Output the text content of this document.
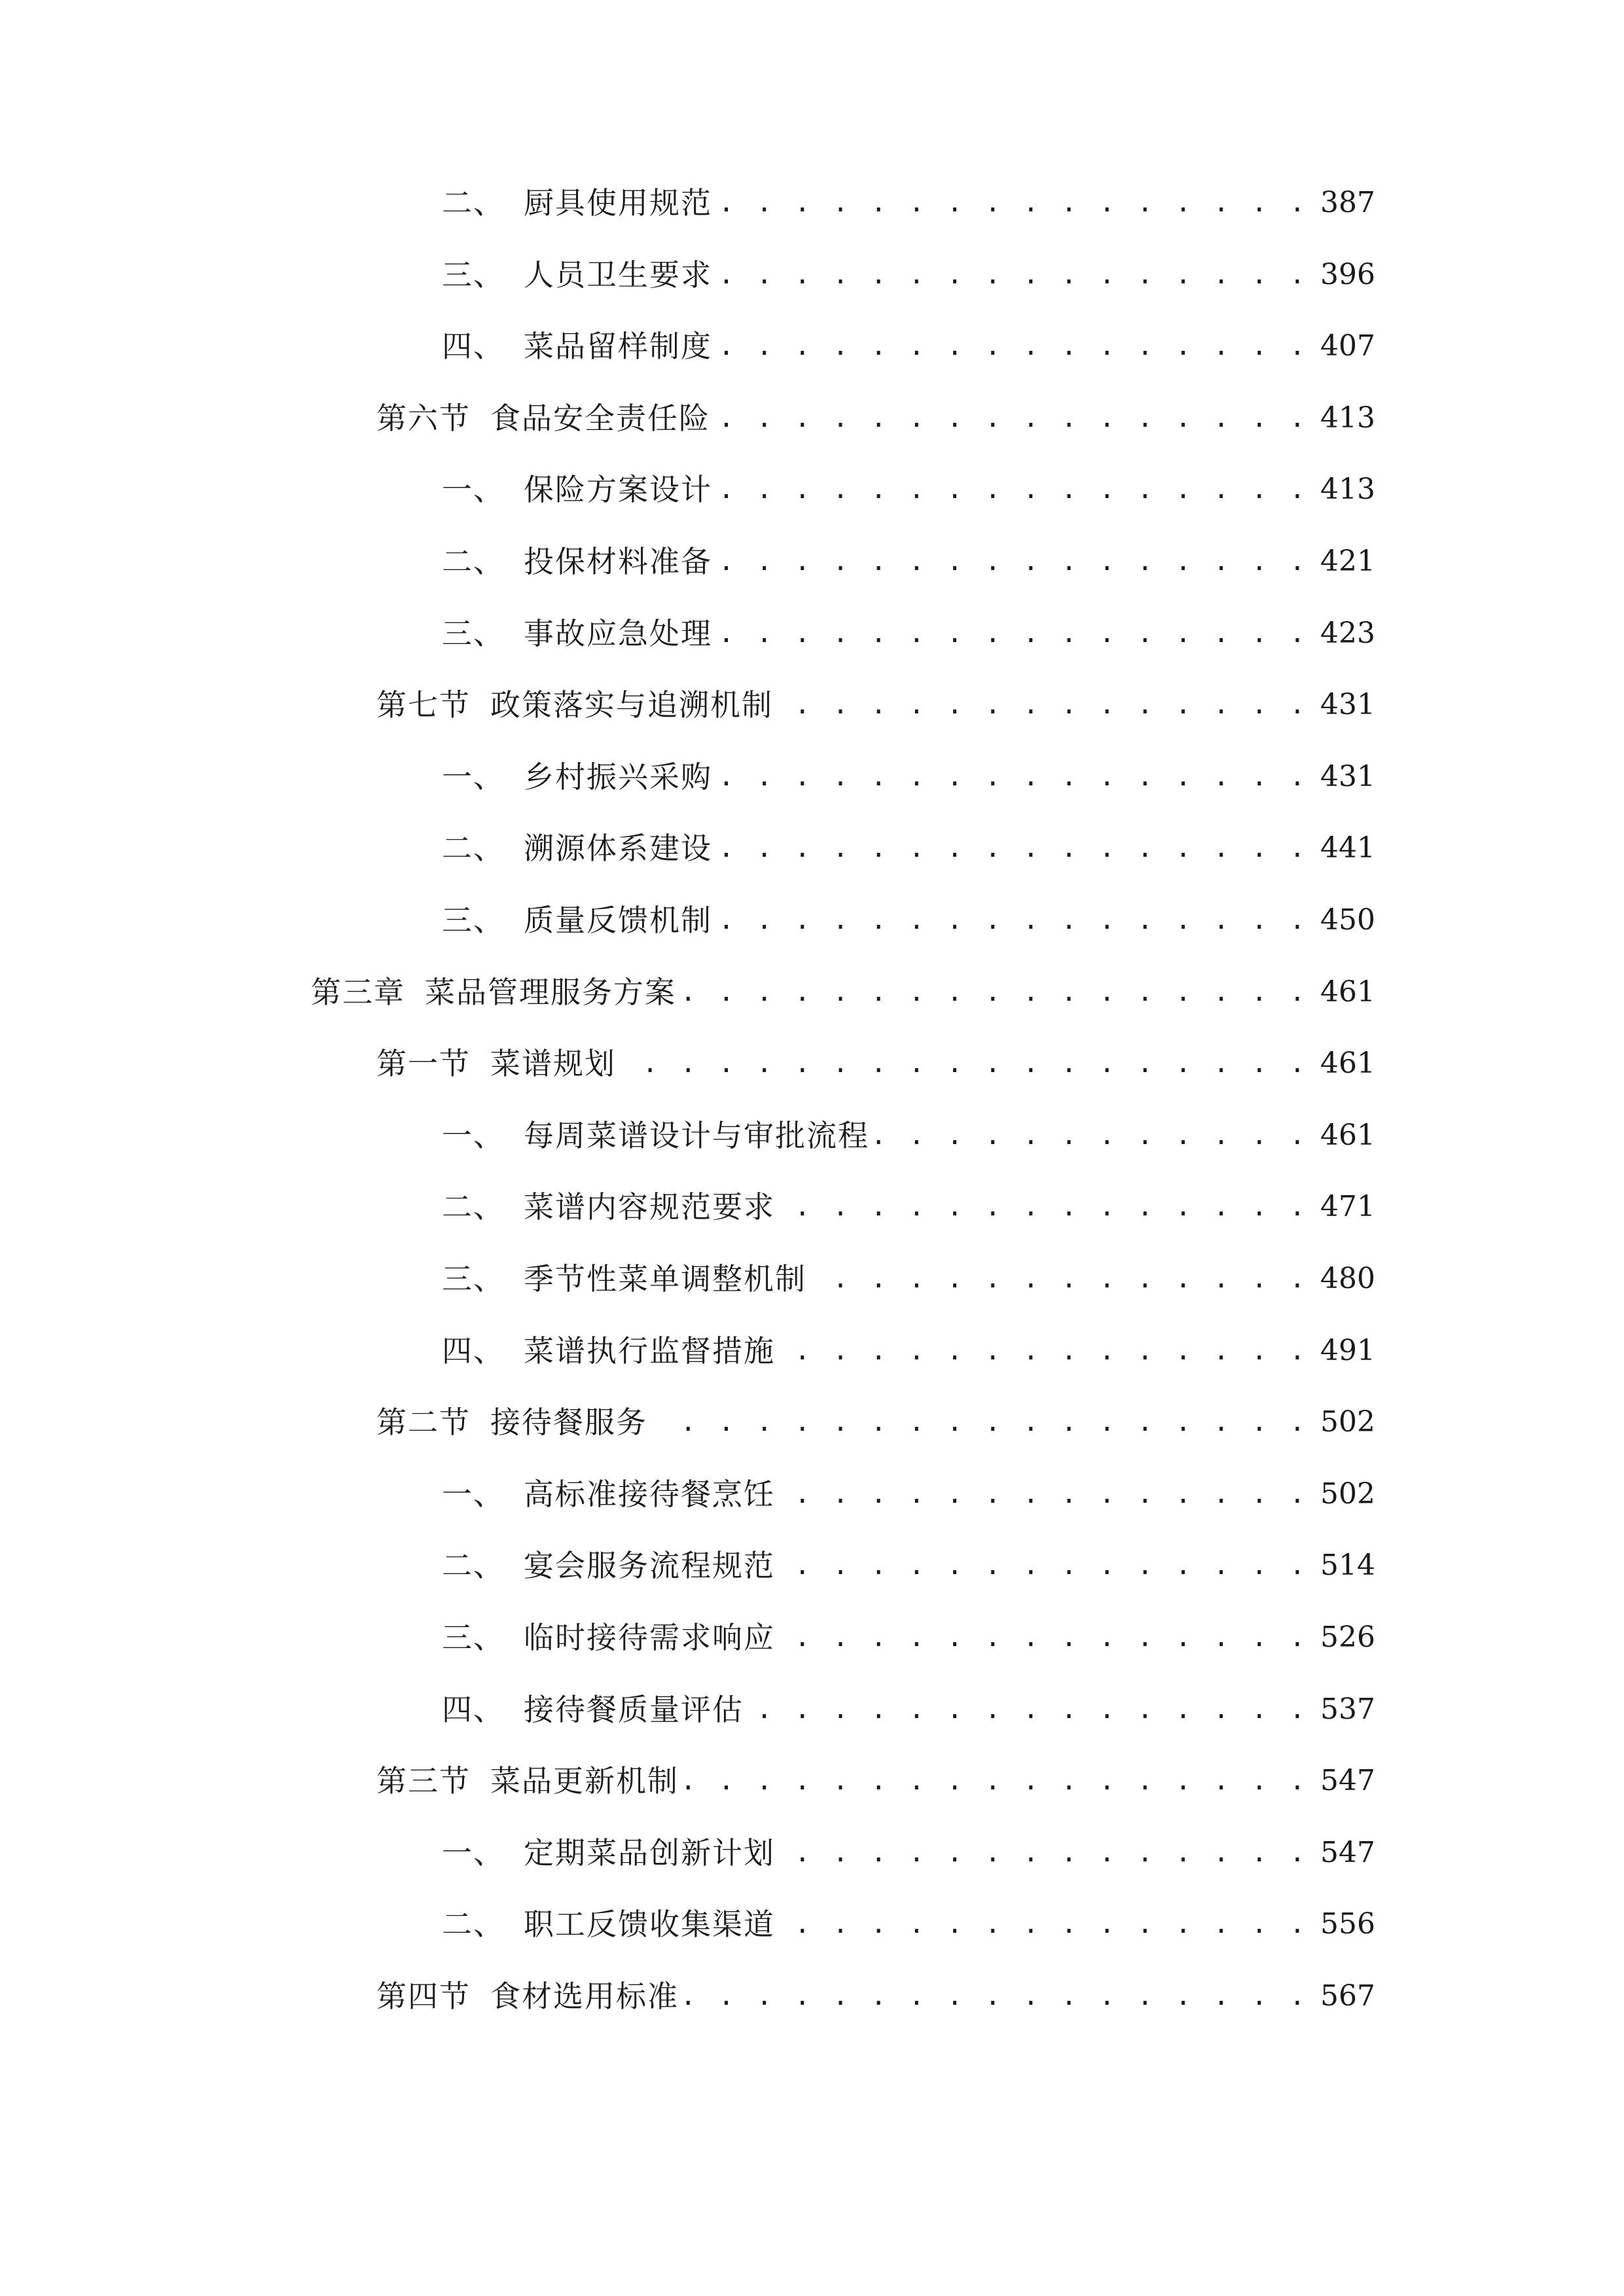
二、 厨具使用规范 . . .	387
三、 人员卫生要求 . . .	396
四、 菜品留样制度 . . .	407
第六节 食品安全责任险 . . .	413
一、 保险方案设计 . . .	413
二、 投保材料准备 . . .	421
三、 事故应急处理 . . .	423
第七节 政策落实与追溯机制 . . .	431
一、 乡村振兴采购 . . .	431
二、 溯源体系建设 . . .	441
三、 质量反馈机制 . . .	450
第三章 菜品管理服务方案 . . .	461
第一节 菜谱规划 . . .	461
一、 每周菜谱设计与审批流程 . . .	461
二、 菜谱内容规范要求 . . .	471
三、 季节性菜单调整机制 . . .	480
四、 菜谱执行监督措施 . . .	491
第二节 接待餐服务 . . .	502
一、 高标准接待餐烹饪 . . .	502
二、 宴会服务流程规范 . . .	514
三、 临时接待需求响应 . . .	526
四、 接待餐质量评估 . . .	537
第三节 菜品更新机制 . . .	547
一、 定期菜品创新计划 . . .	547
二、 职工反馈收集渠道 . . .	556
第四节 食材选用标准 . . .	567
